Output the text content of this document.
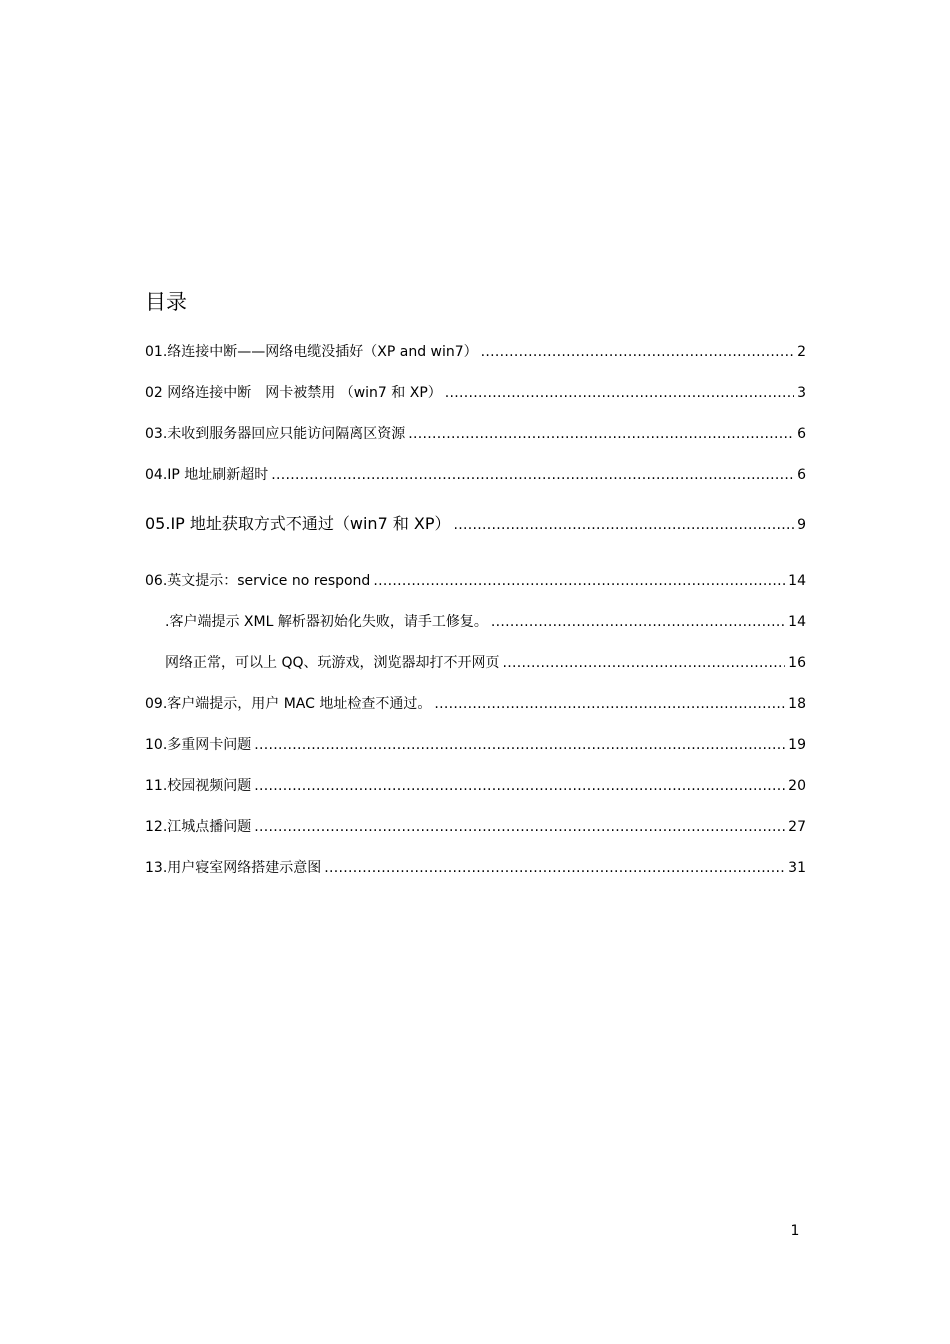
目录
01.络连接中断——网络电缆没插好（XP and win7） .....	2
02 网络连接中断　网卡被禁用 （win7 和 XP） .....	3
03.未收到服务器回应只能访问隔离区资源 .....	6
04.IP 地址刷新超时 .....	6
05.IP 地址获取方式不通过（win7 和 XP） .....	9
06.英文提示：service no respond .....	14
.客户端提示 XML 解析器初始化失败，请手工修复。 .....	14
网络正常，可以上 QQ、玩游戏，浏览器却打不开网页 .....	16
09.客户端提示，用户 MAC 地址检查不通过。 .....	18
10.多重网卡问题 .....	19
11.校园视频问题 .....	20
12.江城点播问题 .....	27
13.用户寝室网络搭建示意图 .....	31
1
